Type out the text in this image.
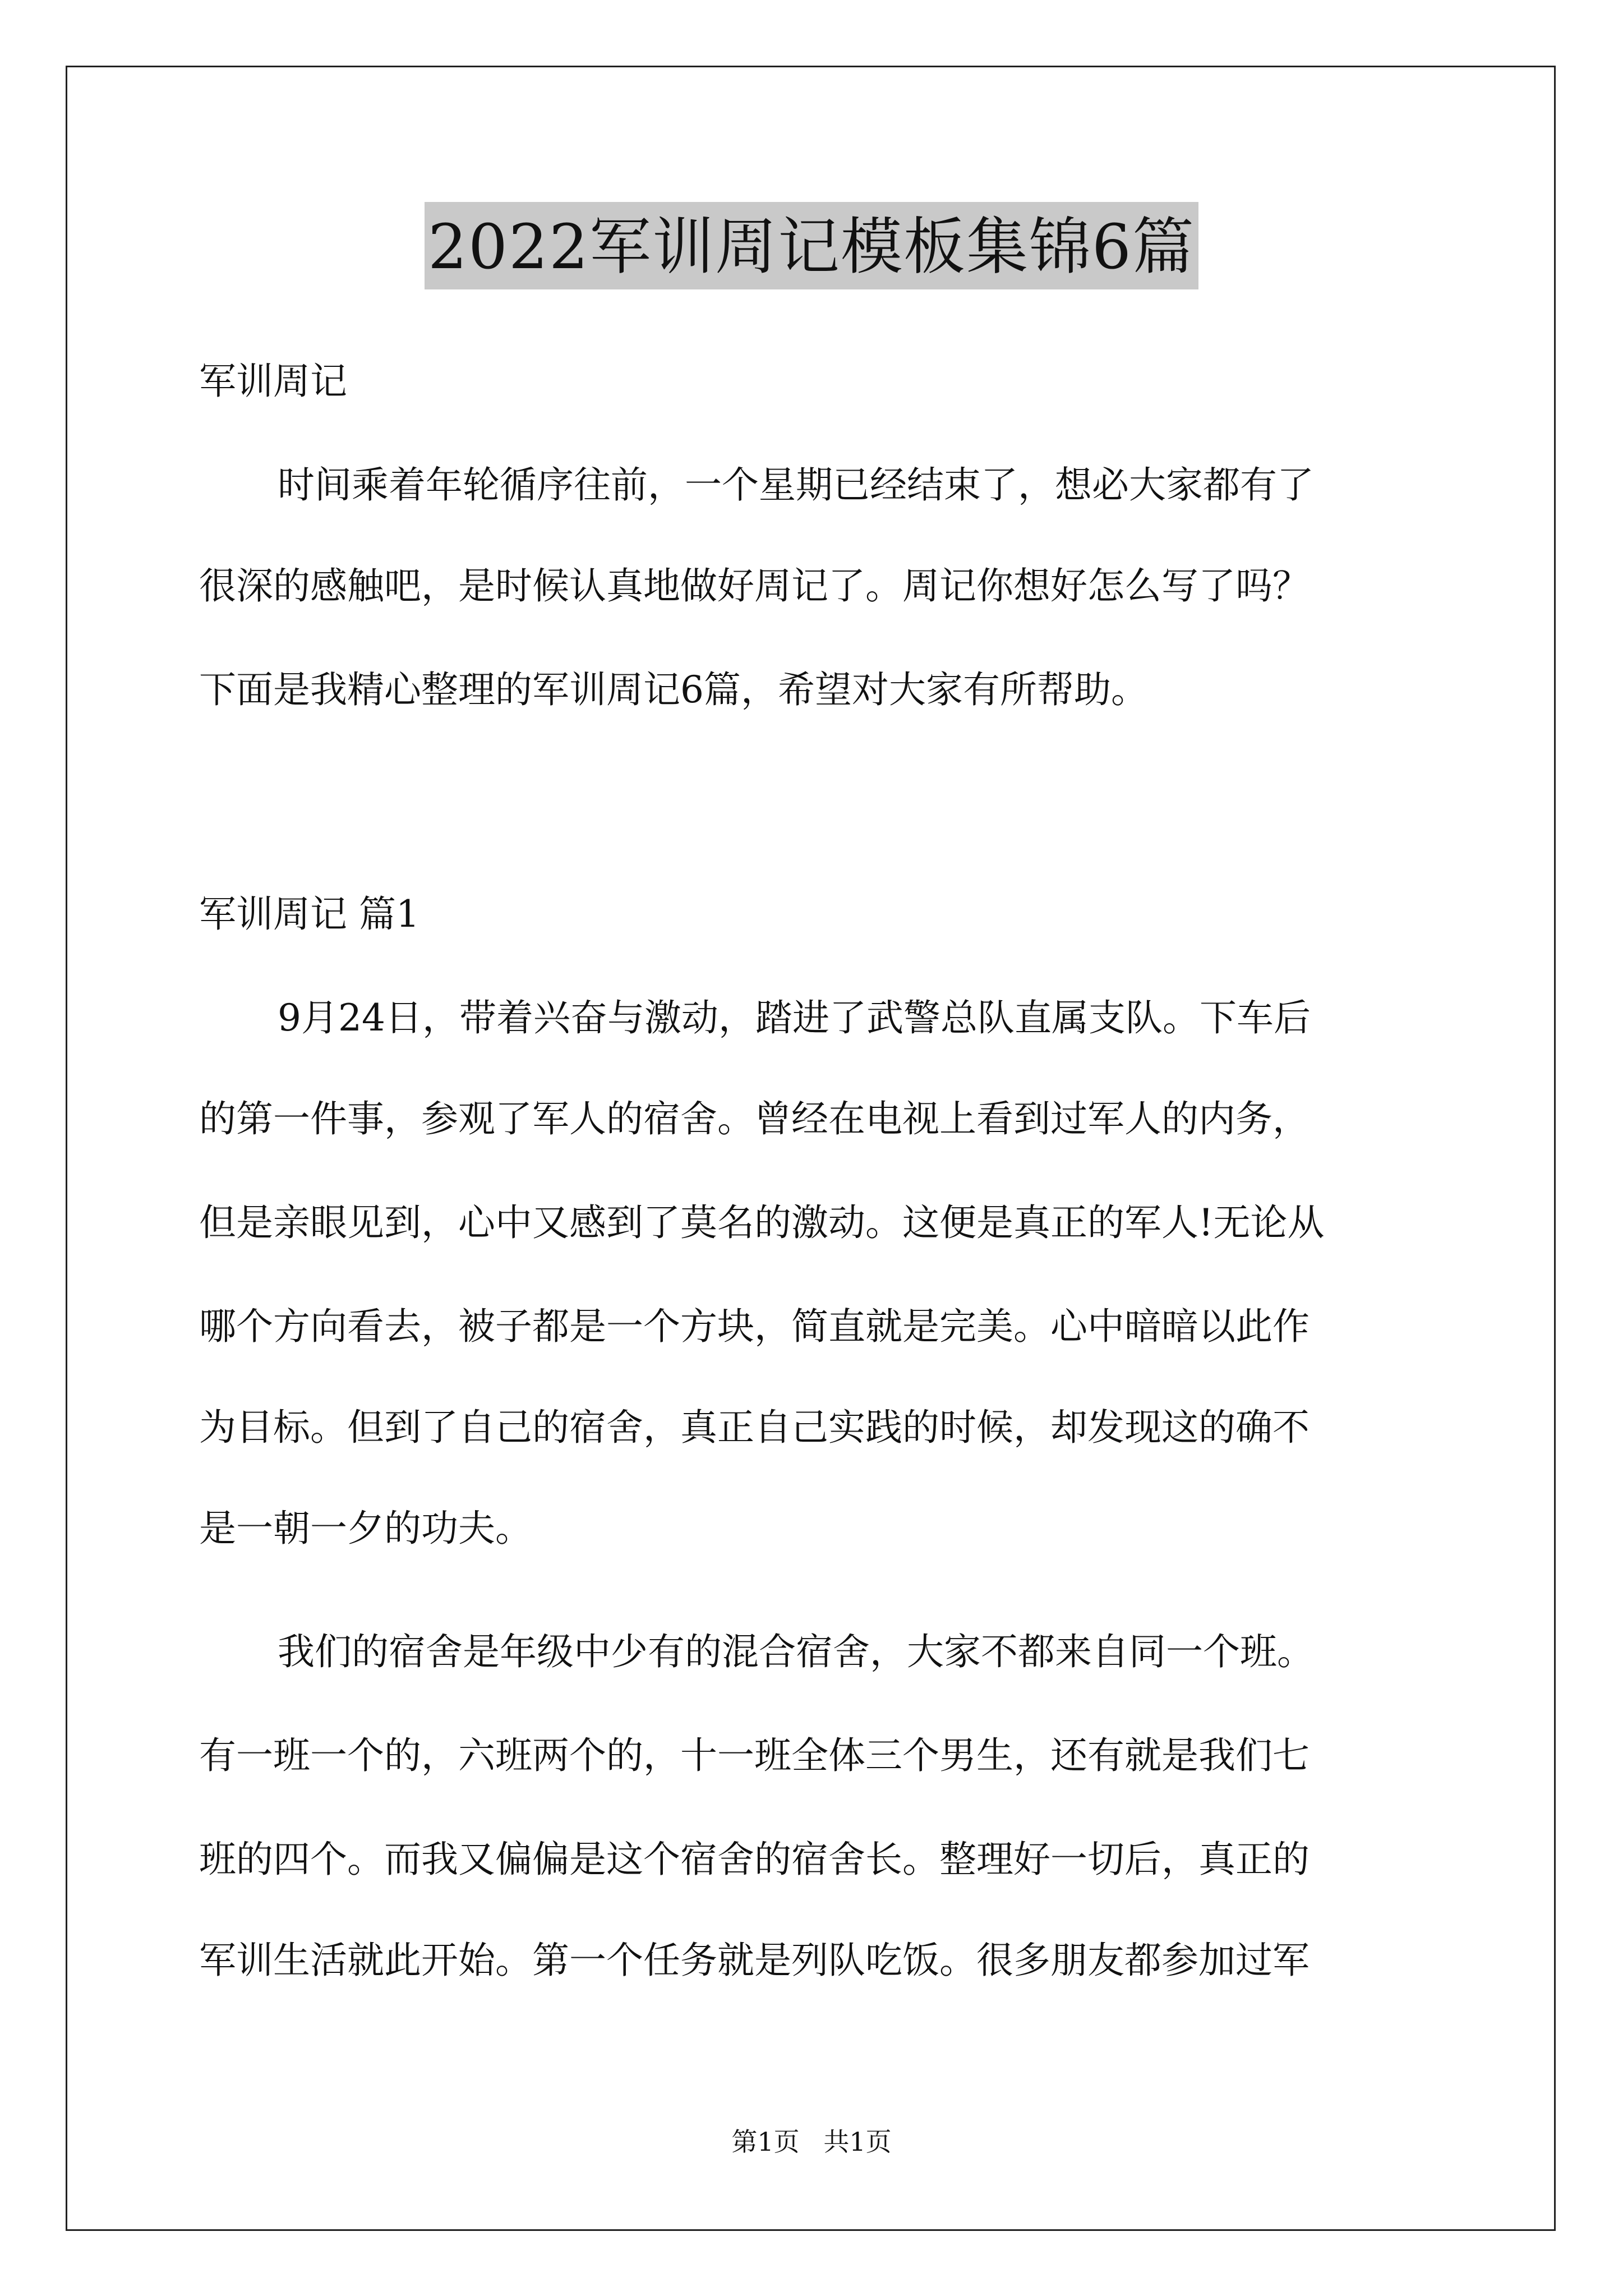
2022军训周记模板集锦6篇
军训周记
时间乘着年轮循序往前，一个星期已经结束了，想必大家都有了
很深的感触吧，是时候认真地做好周记了。周记你想好怎么写了吗？
下面是我精心整理的军训周记6篇，希望对大家有所帮助。
军训周记 篇1
9月24日，带着兴奋与激动，踏进了武警总队直属支队。下车后
的第一件事，参观了军人的宿舍。曾经在电视上看到过军人的内务，
但是亲眼见到，心中又感到了莫名的激动。这便是真正的军人!无论从
哪个方向看去，被子都是一个方块，简直就是完美。心中暗暗以此作
为目标。但到了自己的宿舍，真正自己实践的时候，却发现这的确不
是一朝一夕的功夫。
我们的宿舍是年级中少有的混合宿舍，大家不都来自同一个班。
有一班一个的，六班两个的，十一班全体三个男生，还有就是我们七
班的四个。而我又偏偏是这个宿舍的宿舍长。整理好一切后，真正的
军训生活就此开始。第一个任务就是列队吃饭。很多朋友都参加过军
第1页 共1页
